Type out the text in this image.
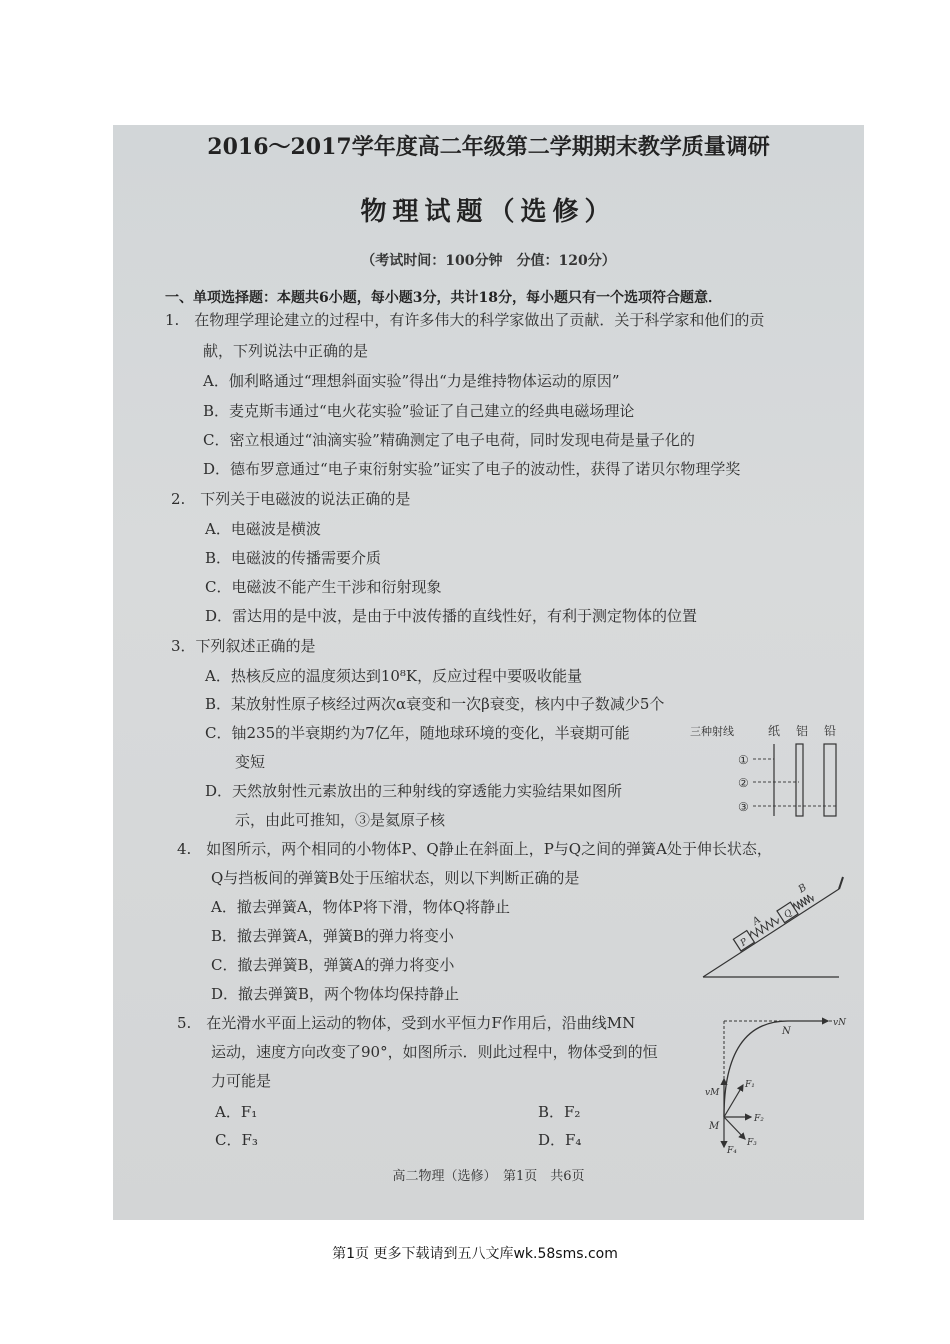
2016～2017学年度高二年级第二学期期末教学质量调研
物理试题（选修）
（考试时间：100分钟　分值：120分）
一、单项选择题：本题共6小题，每小题3分，共计18分，每小题只有一个选项符合题意．
1.　在物理学理论建立的过程中，有许多伟大的科学家做出了贡献．关于科学家和他们的贡
献，下列说法中正确的是
A．伽利略通过“理想斜面实验”得出“力是维持物体运动的原因”
B．麦克斯韦通过“电火花实验”验证了自己建立的经典电磁场理论
C．密立根通过“油滴实验”精确测定了电子电荷，同时发现电荷是量子化的
D．德布罗意通过“电子束衍射实验”证实了电子的波动性，获得了诺贝尔物理学奖
2.　下列关于电磁波的说法正确的是
A．电磁波是横波
B．电磁波的传播需要介质
C．电磁波不能产生干涉和衍射现象
D．雷达用的是中波，是由于中波传播的直线性好，有利于测定物体的位置
3．下列叙述正确的是
A．热核反应的温度须达到10⁸K，反应过程中要吸收能量
B．某放射性原子核经过两次α衰变和一次β衰变，核内中子数减少5个
C．铀235的半衰期约为7亿年，随地球环境的变化，半衰期可能
变短
D．天然放射性元素放出的三种射线的穿透能力实验结果如图所
示，由此可推知，③是氦原子核
三种射线	纸 铝 铅
①
②
③
4.　如图所示，两个相同的小物体P、Q静止在斜面上，P与Q之间的弹簧A处于伸长状态，
Q与挡板间的弹簧B处于压缩状态，则以下判断正确的是
A．撤去弹簧A，物体P将下滑，物体Q将静止
B．撤去弹簧A，弹簧B的弹力将变小
C．撤去弹簧B，弹簧A的弹力将变小
D．撤去弹簧B，两个物体均保持静止
P
A
Q
B
5.　在光滑水平面上运动的物体，受到水平恒力F作用后，沿曲线MN
运动，速度方向改变了90°，如图所示．则此过程中，物体受到的恒
力可能是
A．F₁	B．F₂
C．F₃	D．F₄
vN
N
vM
M
F₁
F₂
F₃
F₄
高二物理（选修）　第1页　共6页
第1页 更多下载请到五八文库wk.58sms.com
